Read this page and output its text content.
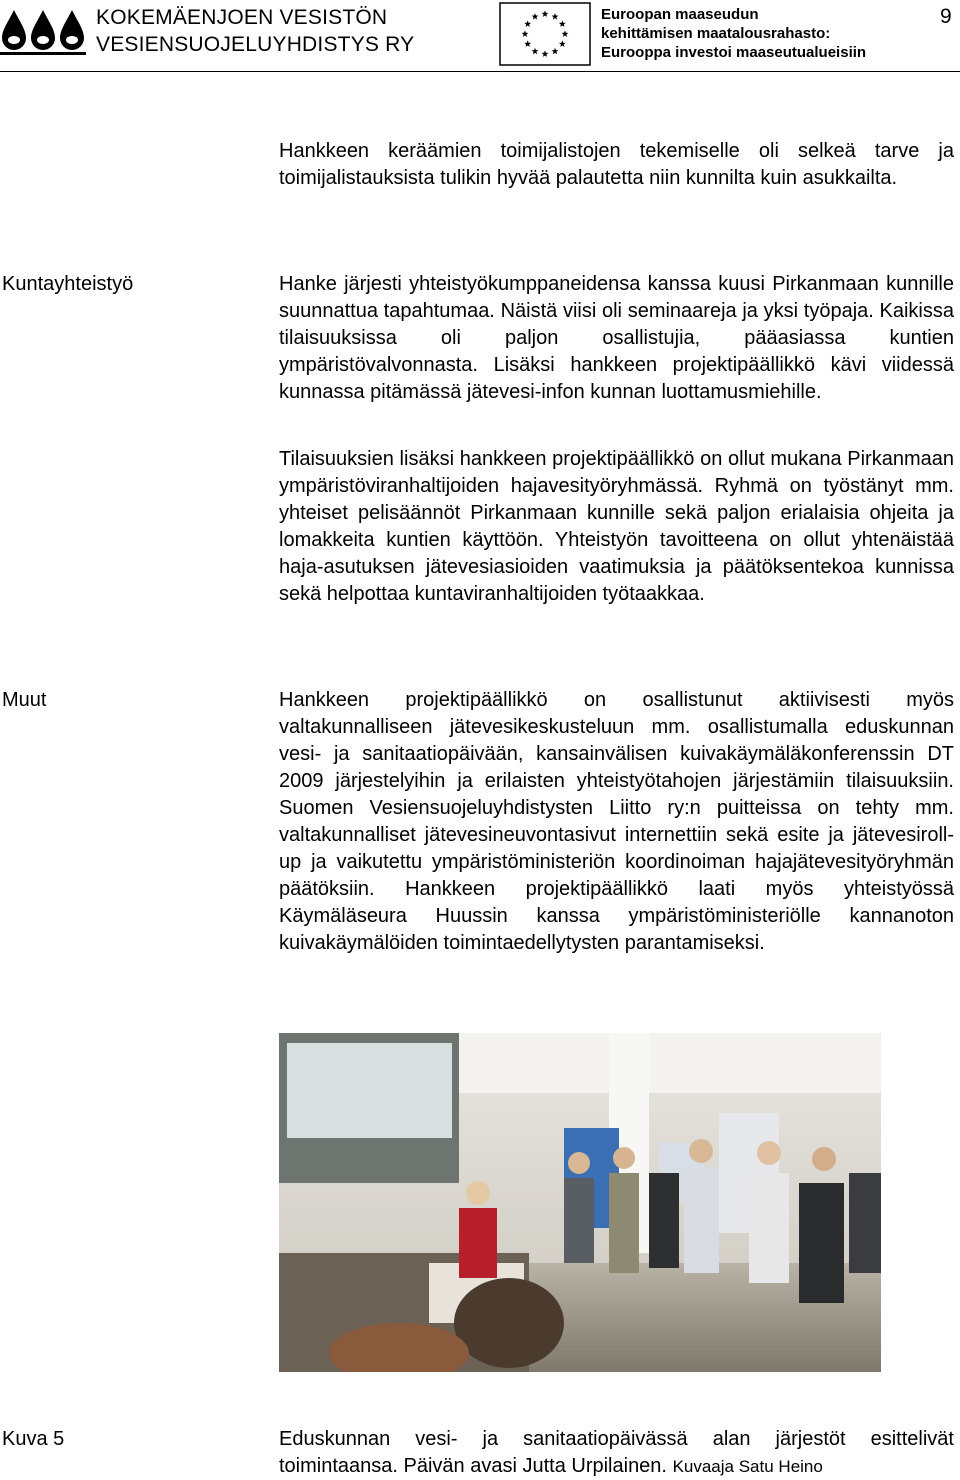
KOKEMÄENJOEN VESISTÖN
VESIENSUOJELUYHDISTYS RY
Euroopan maaseudun
kehittämisen maatalousrahasto:
Eurooppa investoi maaseutualueisiin
9

Hankkeen keräämien toimijalistojen tekemiselle oli selkeä tarve ja toimijalistauksista tulikin hyvää palautetta niin kunnilta kuin asukkailta.

Kuntayhteistyö	Hanke järjesti yhteistyökumppaneidensa kanssa kuusi Pirkanmaan kunnille suunnattua tapahtumaa. Näistä viisi oli seminaareja ja yksi työpaja. Kaikissa tilaisuuksissa oli paljon osallistujia, pääasiassa kuntien ympäristövalvonnasta. Lisäksi hankkeen projektipäällikkö kävi viidessä kunnassa pitämässä jätevesi-infon kunnan luottamusmiehille.

Tilaisuuksien lisäksi hankkeen projektipäällikkö on ollut mukana Pirkanmaan ympäristöviranhaltijoiden hajavesityöryhmässä. Ryhmä on työstänyt mm. yhteiset pelisäännöt Pirkanmaan kunnille sekä paljon erialaisia ohjeita ja lomakkeita kuntien käyttöön. Yhteistyön tavoitteena on ollut yhtenäistää haja-asutuksen jätevesiasioiden vaatimuksia ja päätöksentekoa kunnissa sekä helpottaa kuntaviranhaltijoiden työtaakkaa.

Muut	Hankkeen projektipäällikkö on osallistunut aktiivisesti myös valtakunnalliseen jätevesikeskusteluun mm. osallistumalla eduskunnan vesi- ja sanitaatiopäivään, kansainvälisen kuivakäymäläkonferenssin DT 2009 järjestelyihin ja erilaisten yhteistyötahojen järjestämiin tilaisuuksiin. Suomen Vesiensuojeluyhdistysten Liitto ry:n puitteissa on tehty mm. valtakunnalliset jätevesineuvontasivut internettiin sekä esite ja jätevesiroll-up ja vaikutettu ympäristöministeriön koordinoiman hajajätevesityöryhmän päätöksiin. Hankkeen projektipäällikkö laati myös yhteistyössä Käymäläseura Huussin kanssa ympäristöministeriölle kannanoton kuivakäymälöiden toimintaedellytysten parantamiseksi.

Kuva 5	Eduskunnan vesi- ja sanitaatiopäivässä alan järjestöt esittelivät toimintaansa. Päivän avasi Jutta Urpilainen. Kuvaaja Satu Heino
